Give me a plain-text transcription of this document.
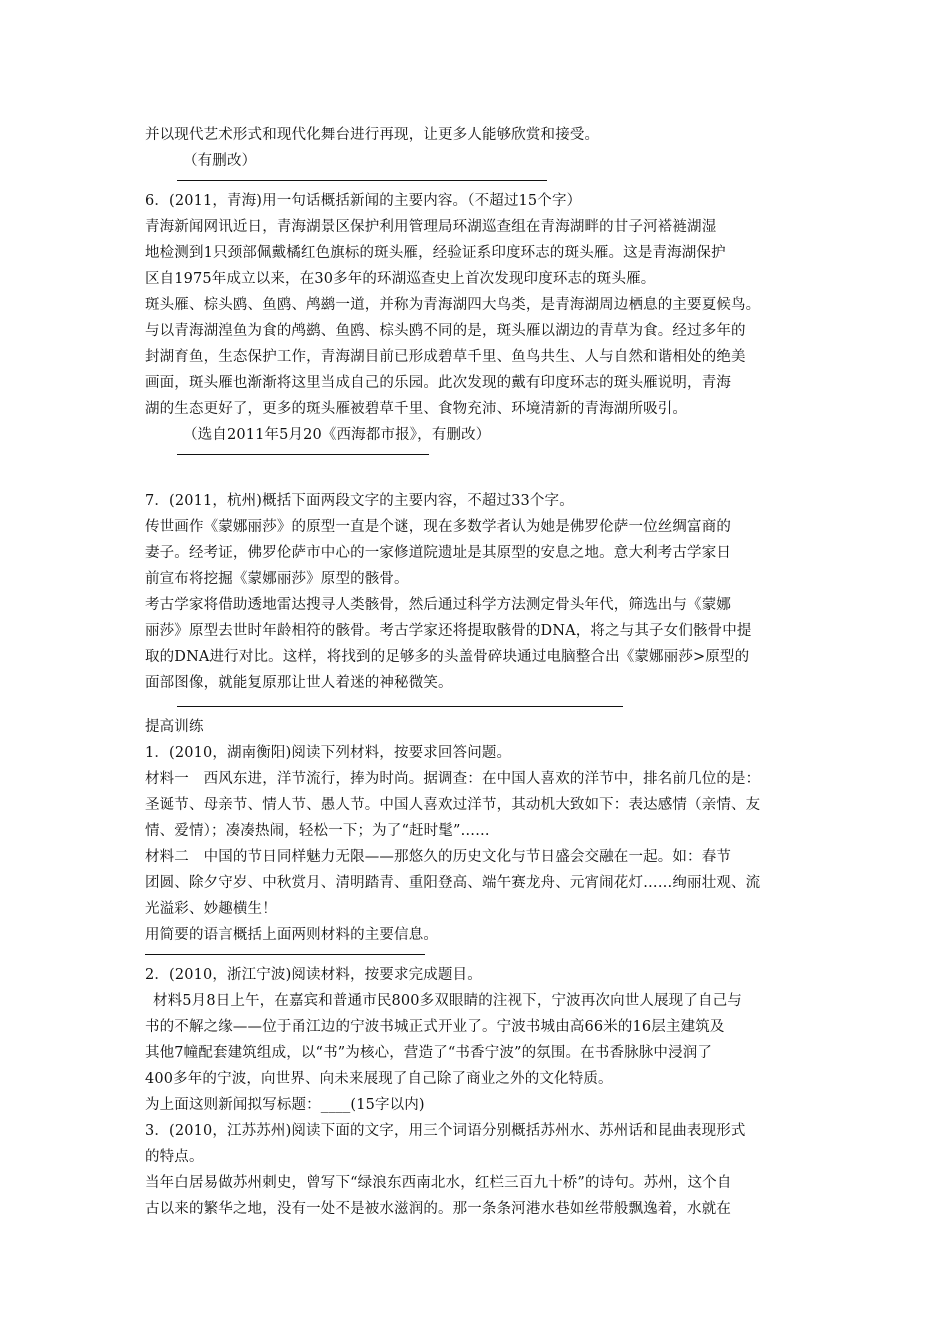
并以现代艺术形式和现代化舞台进行再现，让更多人能够欣赏和接受。
（有删改）
6．(2011，青海)用一句话概括新闻的主要内容。（不超过15个字）
青海新闻网讯近日，青海湖景区保护利用管理局环湖巡查组在青海湖畔的甘子河褡裢湖湿
地检测到1只颈部佩戴橘红色旗标的斑头雁，经验证系印度环志的斑头雁。这是青海湖保护
区自1975年成立以来，在30多年的环湖巡查史上首次发现印度环志的斑头雁。
斑头雁、棕头鸥、鱼鸥、鸬鹚一道，并称为青海湖四大鸟类，是青海湖周边栖息的主要夏候鸟。
与以青海湖湟鱼为食的鸬鹚、鱼鸥、棕头鸥不同的是，斑头雁以湖边的青草为食。经过多年的
封湖育鱼，生态保护工作，青海湖目前已形成碧草千里、鱼鸟共生、人与自然和谐相处的绝美
画面，斑头雁也渐渐将这里当成自己的乐园。此次发现的戴有印度环志的斑头雁说明，青海
湖的生态更好了，更多的斑头雁被碧草千里、食物充沛、环境清新的青海湖所吸引。
（选自2011年5月20《西海都市报》，有删改）
7．(2011，杭州)概括下面两段文字的主要内容，不超过33个字。
传世画作《蒙娜丽莎》的原型一直是个谜，现在多数学者认为她是佛罗伦萨一位丝绸富商的
妻子。经考证，佛罗伦萨市中心的一家修道院遗址是其原型的安息之地。意大利考古学家日
前宣布将挖掘《蒙娜丽莎》原型的骸骨。
考古学家将借助透地雷达搜寻人类骸骨，然后通过科学方法测定骨头年代，筛选出与《蒙娜
丽莎》原型去世时年龄相符的骸骨。考古学家还将提取骸骨的DNA，将之与其子女们骸骨中提
取的DNA进行对比。这样，将找到的足够多的头盖骨碎块通过电脑整合出《蒙娜丽莎>原型的
面部图像，就能复原那让世人着迷的神秘微笑。
提高训练
1．(2010，湖南衡阳)阅读下列材料，按要求回答问题。
材料一　西风东进，洋节流行，捧为时尚。据调查：在中国人喜欢的洋节中，排名前几位的是：
圣诞节、母亲节、情人节、愚人节。中国人喜欢过洋节，其动机大致如下：表达感情（亲情、友
情、爱情）；凑凑热闹，轻松一下；为了“赶时髦”……
材料二　中国的节日同样魅力无限——那悠久的历史文化与节日盛会交融在一起。如：春节
团圆、除夕守岁、中秋赏月、清明踏青、重阳登高、端午赛龙舟、元宵闹花灯……绚丽壮观、流
光溢彩、妙趣横生！
用简要的语言概括上面两则材料的主要信息。
2．(2010，浙江宁波)阅读材料，按要求完成题目。
材料5月8日上午，在嘉宾和普通市民800多双眼睛的注视下，宁波再次向世人展现了自己与
书的不解之缘——位于甬江边的宁波书城正式开业了。宁波书城由高66米的16层主建筑及
其他7幢配套建筑组成，以“书”为核心，营造了“书香宁波”的氛围。在书香脉脉中浸润了
400多年的宁波，向世界、向未来展现了自己除了商业之外的文化特质。
为上面这则新闻拟写标题：____(15字以内)
3．(2010，江苏苏州)阅读下面的文字，用三个词语分别概括苏州水、苏州话和昆曲表现形式
的特点。
当年白居易做苏州刺史，曾写下“绿浪东西南北水，红栏三百九十桥”的诗句。苏州，这个自
古以来的繁华之地，没有一处不是被水滋润的。那一条条河港水巷如丝带般飘逸着，水就在
